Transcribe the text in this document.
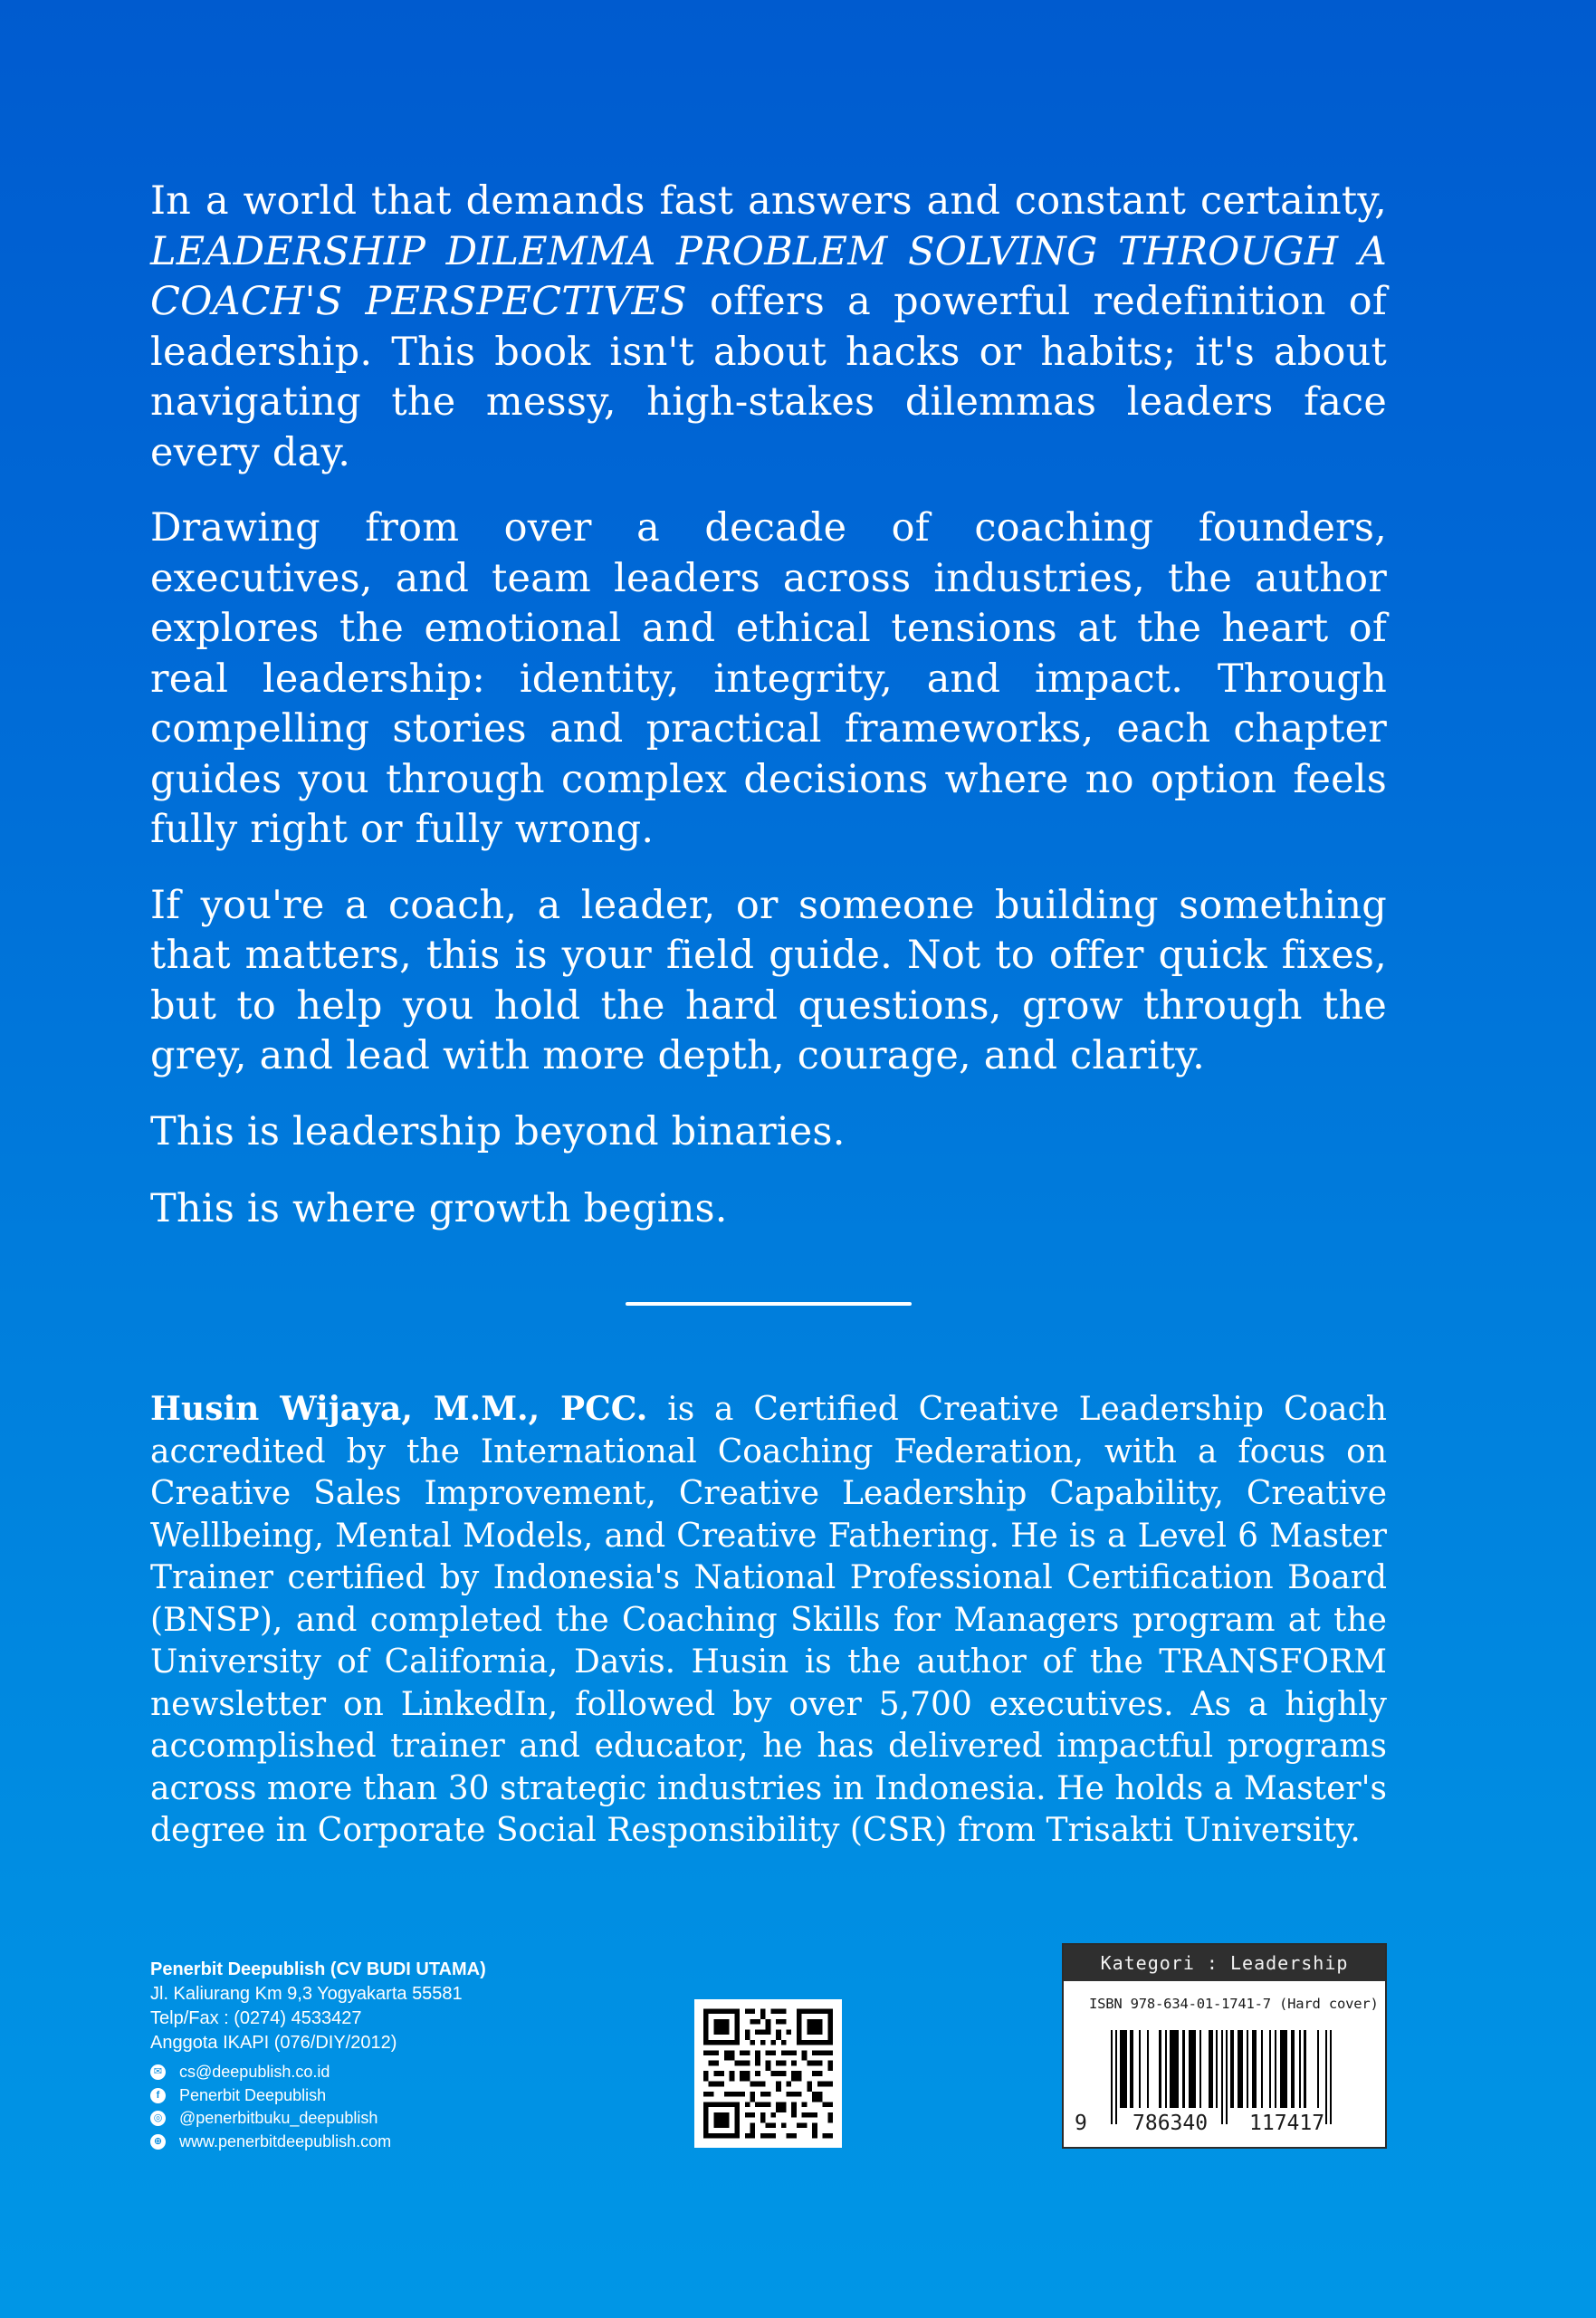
In a world that demands fast answers and constant certainty, LEADERSHIP DILEMMA PROBLEM SOLVING THROUGH A COACH'S PERSPECTIVES offers a powerful redefinition of leadership. This book isn't about hacks or habits; it's about navigating the messy, high-stakes dilemmas leaders face every day.

Drawing from over a decade of coaching founders, executives, and team leaders across industries, the author explores the emotional and ethical tensions at the heart of real leadership: identity, integrity, and impact. Through compelling stories and practical frameworks, each chapter guides you through complex decisions where no option feels fully right or fully wrong.

If you're a coach, a leader, or someone building something that matters, this is your field guide. Not to offer quick fixes, but to help you hold the hard questions, grow through the grey, and lead with more depth, courage, and clarity.

This is leadership beyond binaries.

This is where growth begins.

Husin Wijaya, M.M., PCC. is a Certified Creative Leadership Coach accredited by the International Coaching Federation, with a focus on Creative Sales Improvement, Creative Leadership Capability, Creative Wellbeing, Mental Models, and Creative Fathering. He is a Level 6 Master Trainer certified by Indonesia's National Professional Certification Board (BNSP), and completed the Coaching Skills for Managers program at the University of California, Davis. Husin is the author of the TRANSFORM newsletter on LinkedIn, followed by over 5,700 executives. As a highly accomplished trainer and educator, he has delivered impactful programs across more than 30 strategic industries in Indonesia. He holds a Master's degree in Corporate Social Responsibility (CSR) from Trisakti University.

Penerbit Deepublish (CV BUDI UTAMA)
Jl. Kaliurang Km 9,3 Yogyakarta 55581
Telp/Fax : (0274) 4533427
Anggota IKAPI (076/DIY/2012)
✉ cs@deepublish.co.id
f	Penerbit Deepublish
◎ @penerbitbuku_deepublish
⊕ www.penerbitdeepublish.com
Kategori : Leadership
ISBN 978-634-01-1741-7 (Hard cover)
9 786340 117417
